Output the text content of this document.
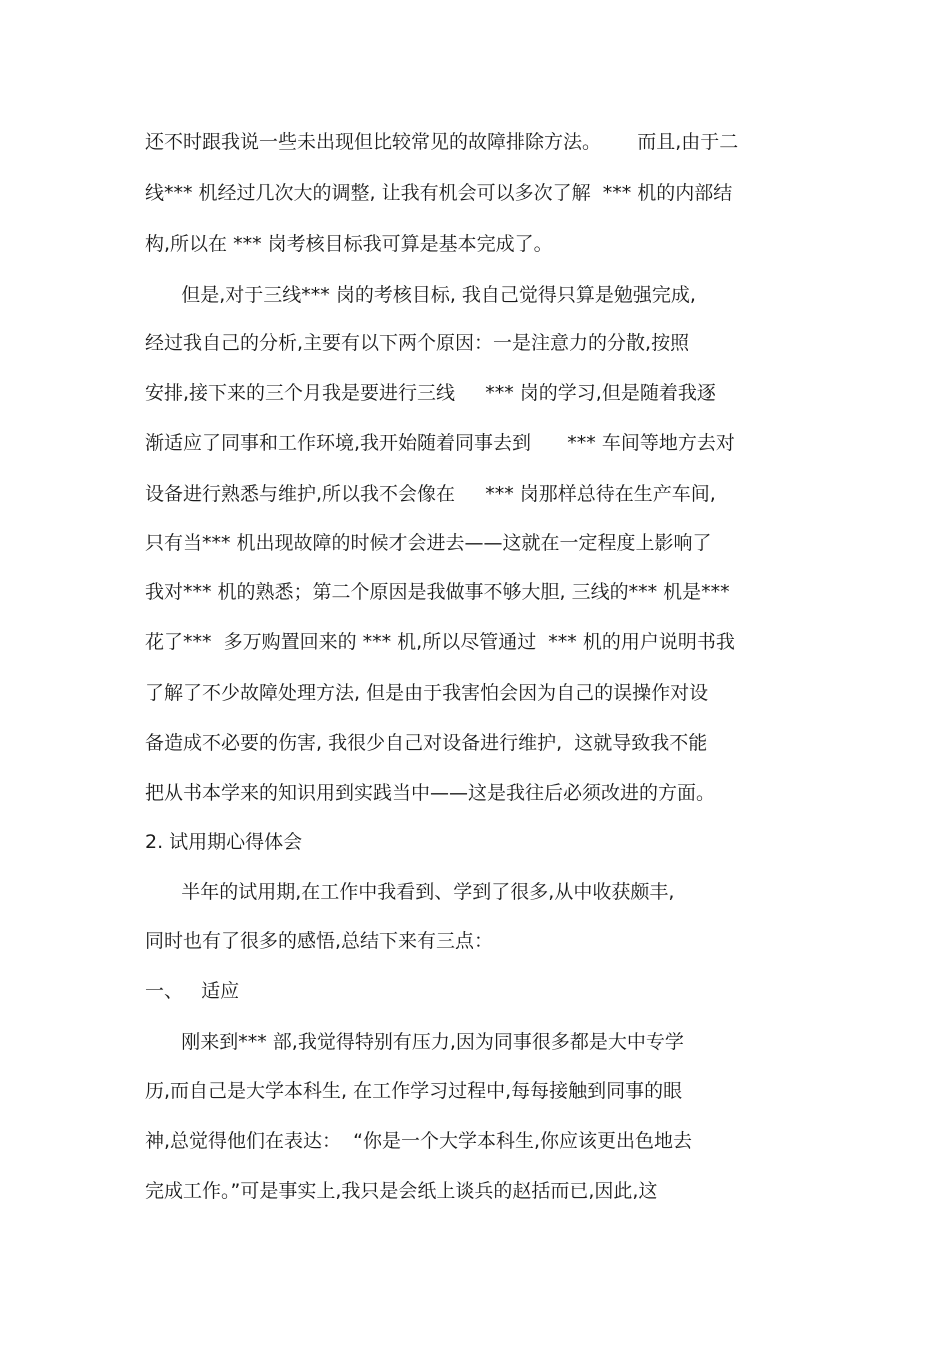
还不时跟我说一些未出现但比较常见的故障排除方法。      而且,由于二
线*** 机经过几次大的调整, 让我有机会可以多次了解  *** 机的内部结
构,所以在 *** 岗考核目标我可算是基本完成了。
但是,对于三线*** 岗的考核目标, 我自己觉得只算是勉强完成,
经过我自己的分析,主要有以下两个原因：一是注意力的分散,按照
安排,接下来的三个月我是要进行三线     *** 岗的学习,但是随着我逐
渐适应了同事和工作环境,我开始随着同事去到      *** 车间等地方去对
设备进行熟悉与维护,所以我不会像在     *** 岗那样总待在生产车间,
只有当*** 机出现故障的时候才会进去——这就在一定程度上影响了
我对*** 机的熟悉；第二个原因是我做事不够大胆, 三线的*** 机是***
花了***  多万购置回来的 *** 机,所以尽管通过  *** 机的用户说明书我
了解了不少故障处理方法, 但是由于我害怕会因为自己的误操作对设
备造成不必要的伤害, 我很少自己对设备进行维护,  这就导致我不能
把从书本学来的知识用到实践当中——这是我往后必须改进的方面。
2. 试用期心得体会
半年的试用期,在工作中我看到、学到了很多,从中收获颇丰,
同时也有了很多的感悟,总结下来有三点：
一、   适应
刚来到*** 部,我觉得特别有压力,因为同事很多都是大中专学
历,而自己是大学本科生, 在工作学习过程中,每每接触到同事的眼
神,总觉得他们在表达：  “你是一个大学本科生,你应该更出色地去
完成工作。”可是事实上,我只是会纸上谈兵的赵括而已,因此,这
